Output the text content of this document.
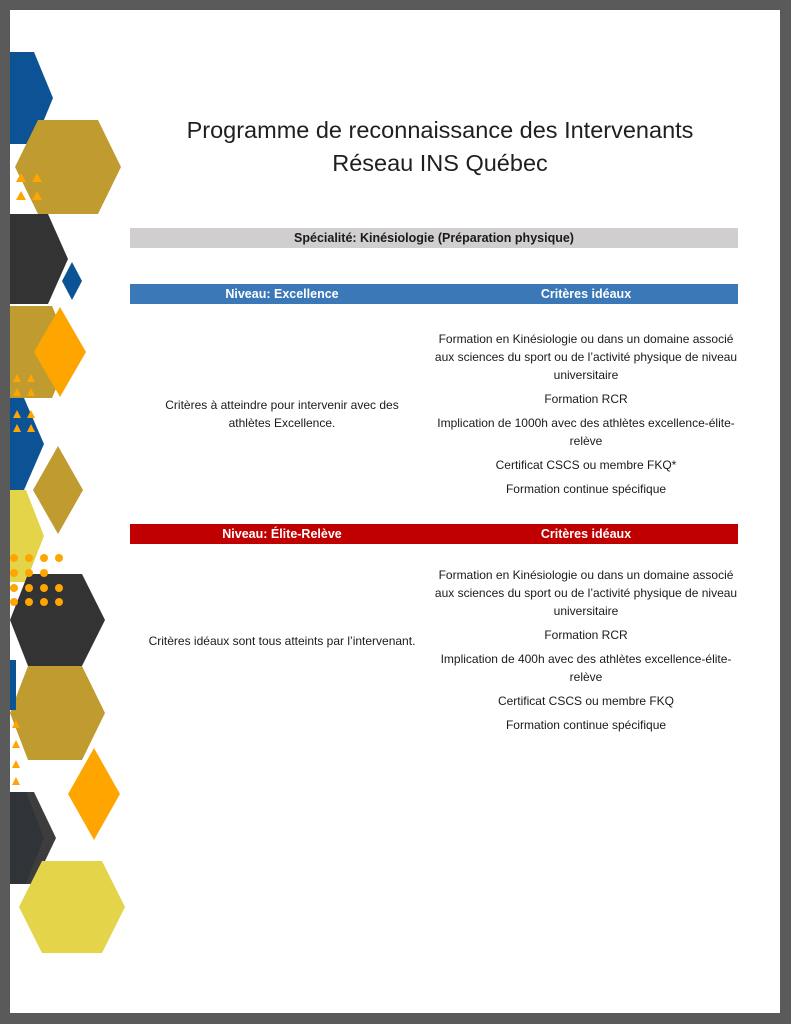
Programme de reconnaissance des Intervenants
Réseau INS Québec
Spécialité: Kinésiologie (Préparation physique)
Niveau: Excellence	Critères idéaux
Critères à atteindre pour intervenir avec des athlètes Excellence.
Formation en Kinésiologie ou dans un domaine associé aux sciences du sport ou de l’activité physique de niveau universitaire
Formation RCR
Implication de 1000h avec des athlètes excellence-élite-relève
Certificat CSCS ou membre FKQ*
Formation continue spécifique
Niveau: Élite-Relève	Critères idéaux
Critères idéaux sont tous atteints par l’intervenant.
Formation en Kinésiologie ou dans un domaine associé aux sciences du sport ou de l’activité physique de niveau universitaire
Formation RCR
Implication de 400h avec des athlètes excellence-élite-relève
Certificat CSCS ou membre FKQ
Formation continue spécifique
